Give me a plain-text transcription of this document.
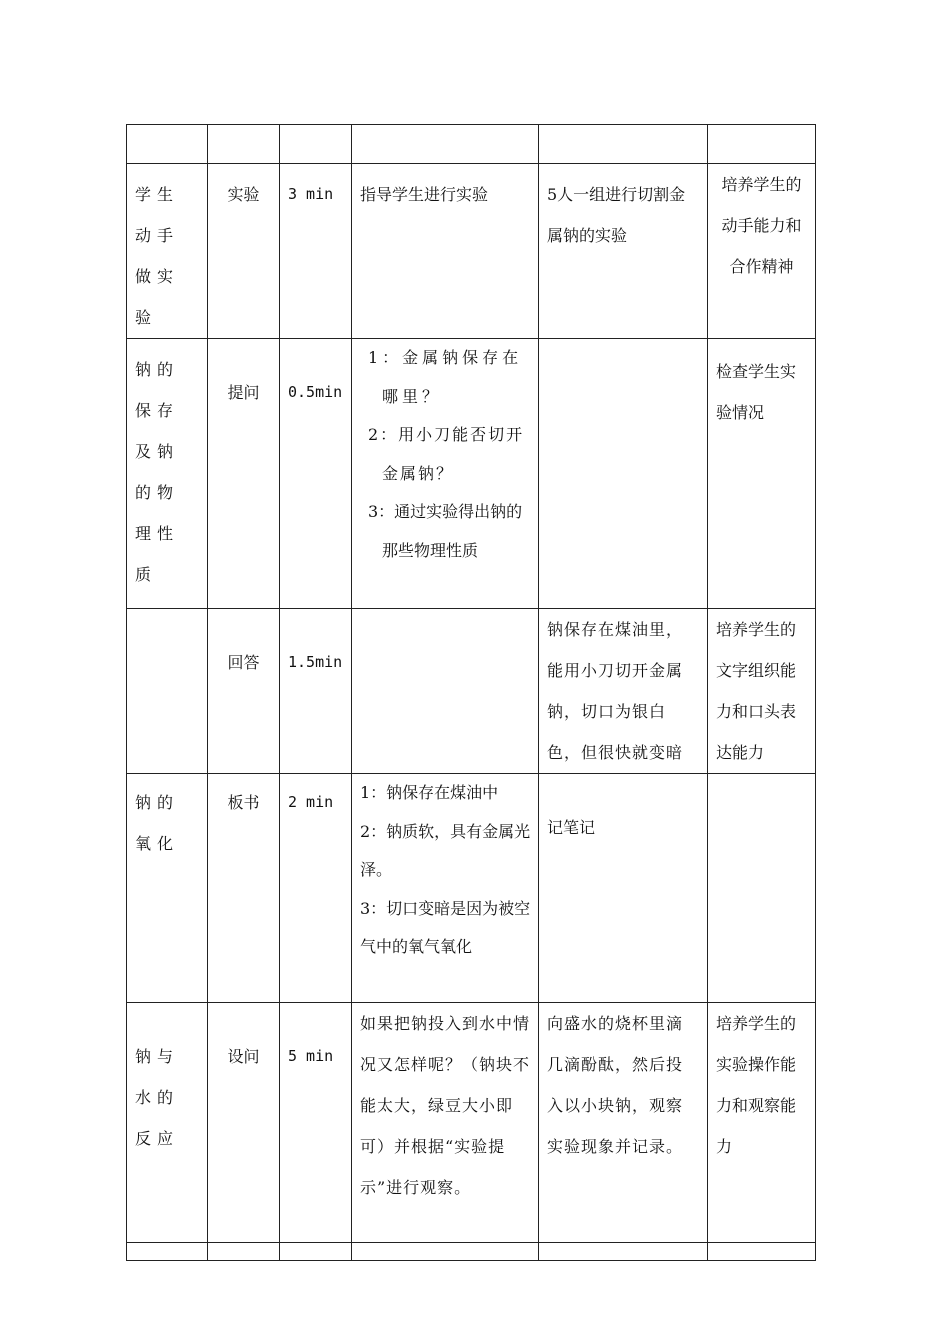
学生动手做实验	实验	3 min	指导学生进行实验	5人一组进行切割金属钠的实验	培养学生的动手能力和合作精神

钠的保存及钠的物理性质	提问	0.5min	1：金属钠保存在哪里？
2：用小刀能否切开金属钠？
3：通过实验得出钠的那些物理性质		检查学生实验情况

	回答	1.5min		钠保存在煤油里，能用小刀切开金属钠，切口为银白色，但很快就变暗	培养学生的文字组织能力和口头表达能力

钠的氧化	板书	2 min	1：钠保存在煤油中
2：钠质软，具有金属光泽。
3：切口变暗是因为被空气中的氧气氧化	记笔记	

钠与水的反应	设问	5 min	如果把钠投入到水中情况又怎样呢？（钠块不能太大，绿豆大小即可）并根据“实验提示”进行观察。	向盛水的烧杯里滴几滴酚酞，然后投入以小块钠，观察实验现象并记录。	培养学生的实验操作能力和观察能力
